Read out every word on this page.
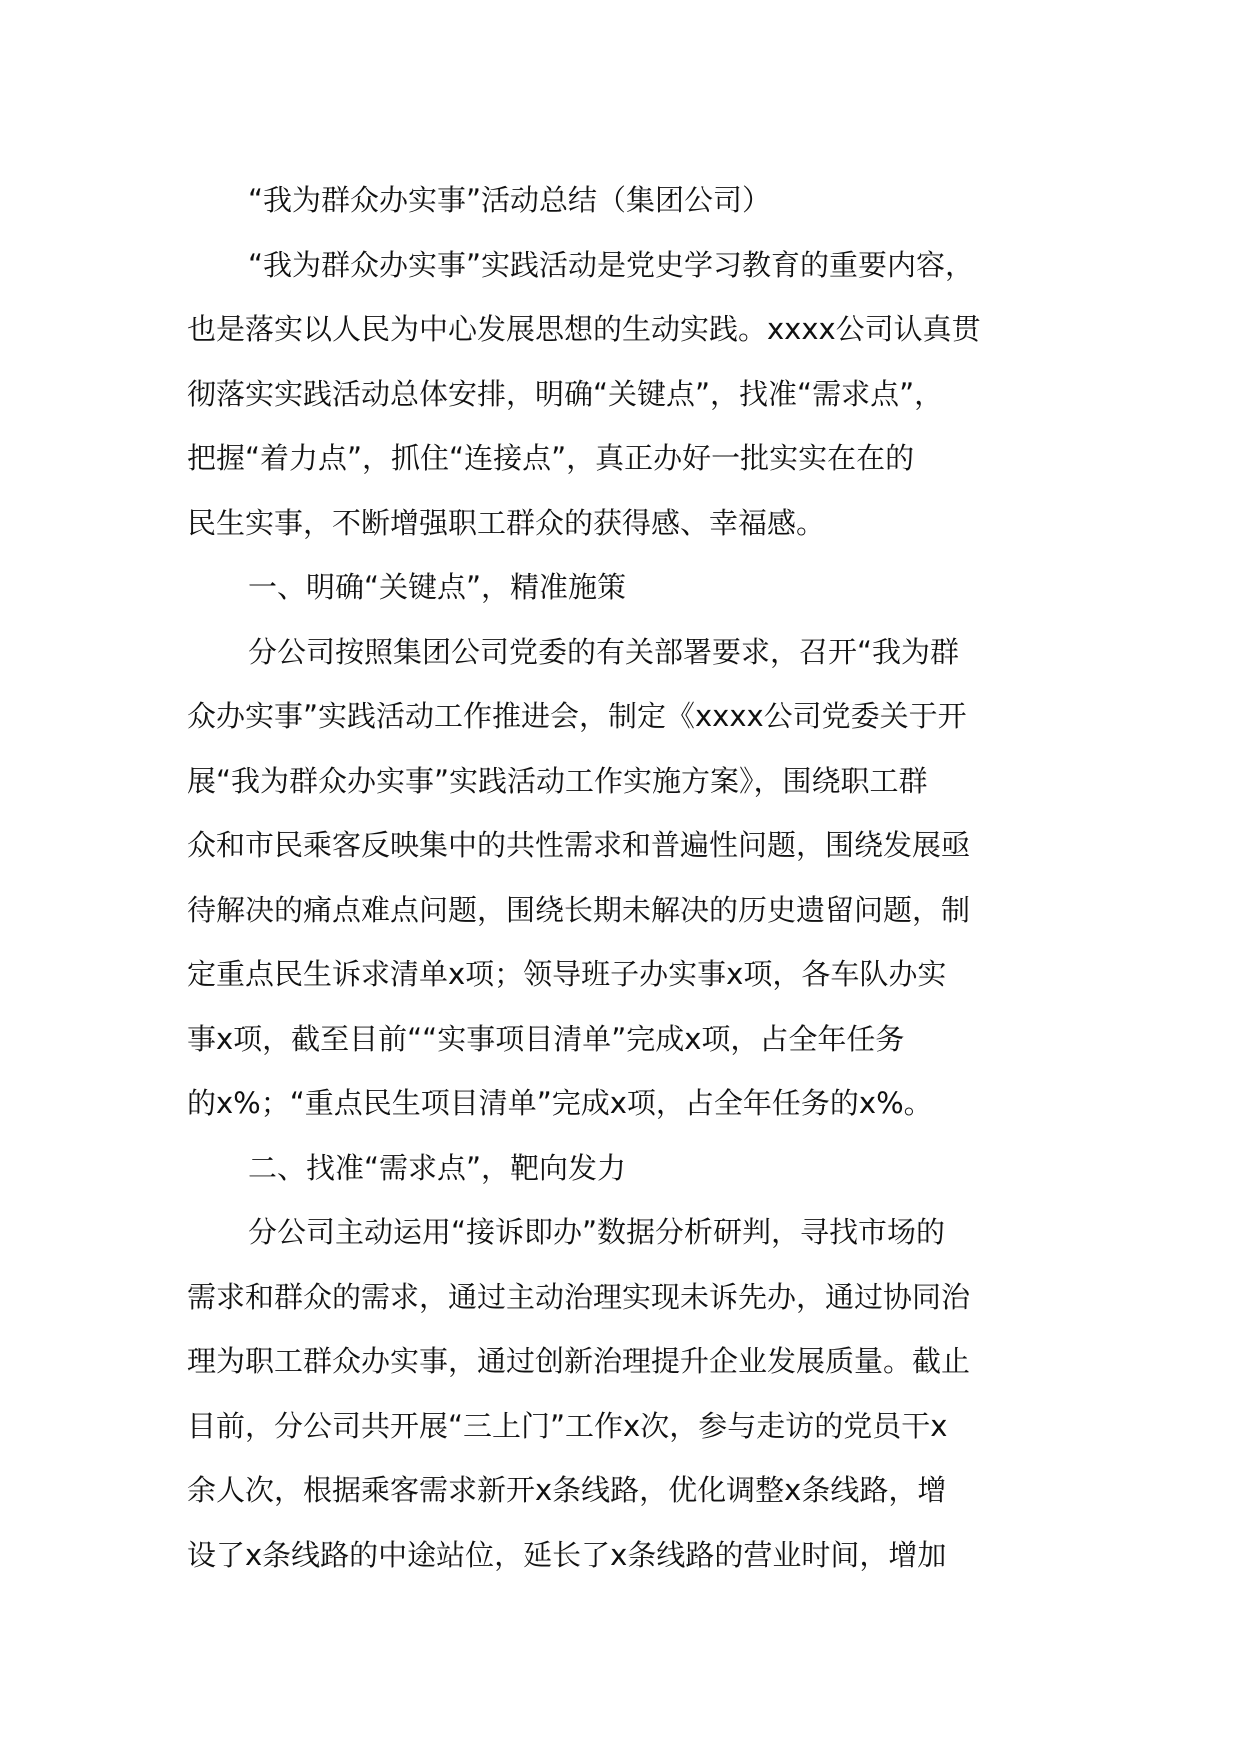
“我为群众办实事”活动总结（集团公司）
“我为群众办实事”实践活动是党史学习教育的重要内容，
也是落实以人民为中心发展思想的生动实践。xxxx公司认真贯
彻落实实践活动总体安排，明确“关键点”，找准“需求点”，
把握“着力点”，抓住“连接点”，真正办好一批实实在在的
民生实事，不断增强职工群众的获得感、幸福感。
一、明确“关键点”，精准施策
分公司按照集团公司党委的有关部署要求，召开“我为群
众办实事”实践活动工作推进会，制定《xxxx公司党委关于开
展“我为群众办实事”实践活动工作实施方案》，围绕职工群
众和市民乘客反映集中的共性需求和普遍性问题，围绕发展亟
待解决的痛点难点问题，围绕长期未解决的历史遗留问题，制
定重点民生诉求清单x项；领导班子办实事x项，各车队办实
事x项，截至目前““实事项目清单”完成x项，占全年任务
的x%；“重点民生项目清单”完成x项，占全年任务的x%。
二、找准“需求点”，靶向发力
分公司主动运用“接诉即办”数据分析研判，寻找市场的
需求和群众的需求，通过主动治理实现未诉先办，通过协同治
理为职工群众办实事，通过创新治理提升企业发展质量。截止
目前，分公司共开展“三上门”工作x次，参与走访的党员干x
余人次，根据乘客需求新开x条线路，优化调整x条线路，增
设了x条线路的中途站位，延长了x条线路的营业时间，增加
